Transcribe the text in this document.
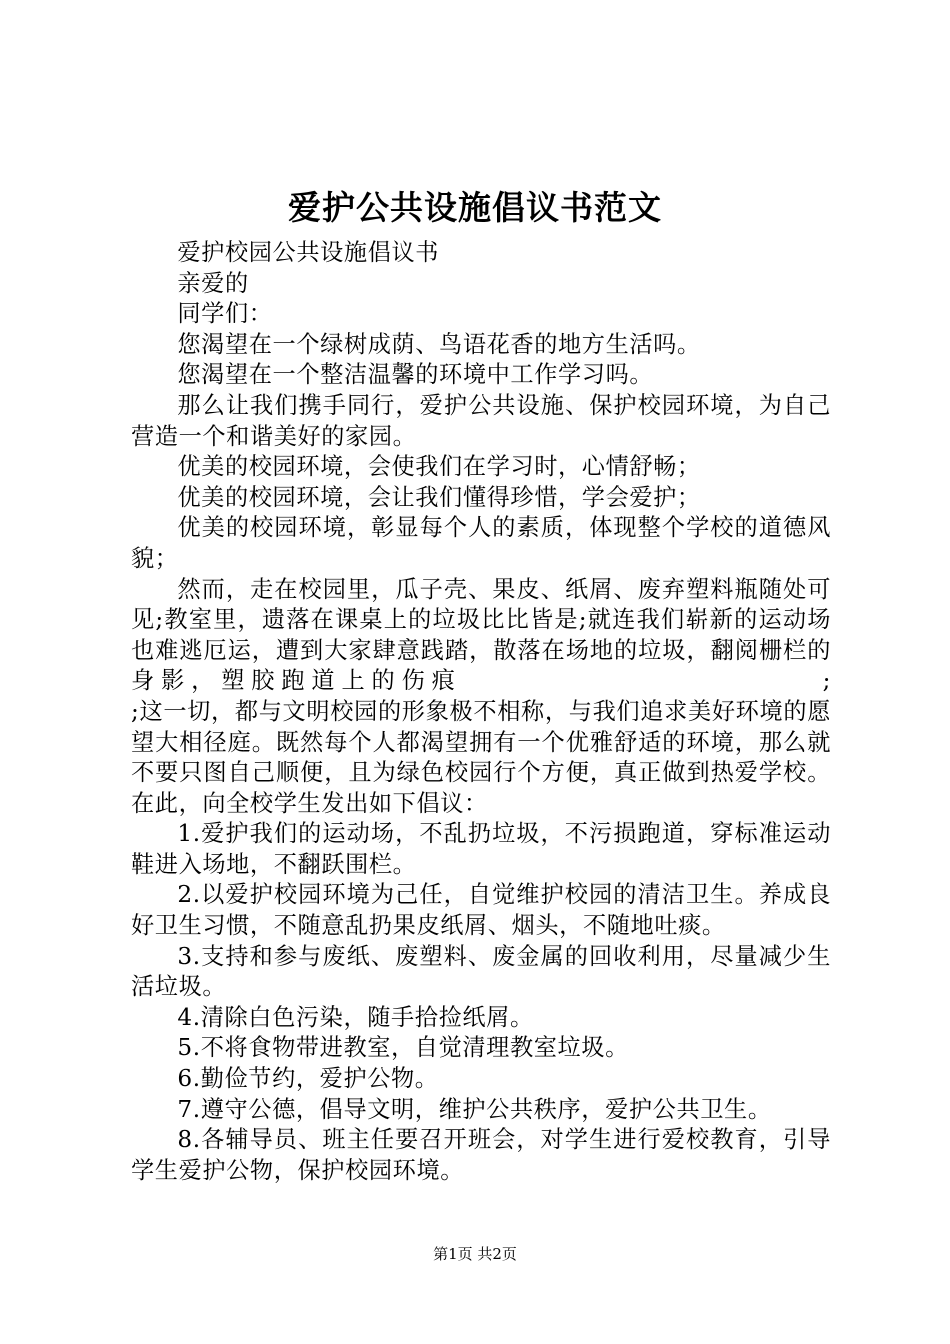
爱护公共设施倡议书范文

爱护校园公共设施倡议书

亲爱的

同学们：

您渴望在一个绿树成荫、鸟语花香的地方生活吗。

您渴望在一个整洁温馨的环境中工作学习吗。

那么让我们携手同行，爱护公共设施、保护校园环境，为自己营造一个和谐美好的家园。

优美的校园环境，会使我们在学习时，心情舒畅；

优美的校园环境，会让我们懂得珍惜，学会爱护；

优美的校园环境，彰显每个人的素质，体现整个学校的道德风貌；

然而，走在校园里，瓜子壳、果皮、纸屑、废弃塑料瓶随处可见;教室里，遗落在课桌上的垃圾比比皆是;就连我们崭新的运动场也难逃厄运，遭到大家肆意践踏，散落在场地的垃圾，翻阅栅栏的身影，塑胶跑道上的伤痕　　　　　　　　　　　　;

;这一切，都与文明校园的形象极不相称，与我们追求美好环境的愿望大相径庭。既然每个人都渴望拥有一个优雅舒适的环境，那么就不要只图自己顺便，且为绿色校园行个方便，真正做到热爱学校。在此，向全校学生发出如下倡议：

1.爱护我们的运动场，不乱扔垃圾，不污损跑道，穿标准运动鞋进入场地，不翻跃围栏。

2.以爱护校园环境为己任，自觉维护校园的清洁卫生。养成良好卫生习惯，不随意乱扔果皮纸屑、烟头，不随地吐痰。

3.支持和参与废纸、废塑料、废金属的回收利用，尽量减少生活垃圾。

4.清除白色污染，随手拾捡纸屑。

5.不将食物带进教室，自觉清理教室垃圾。

6.勤俭节约，爱护公物。

7.遵守公德，倡导文明，维护公共秩序，爱护公共卫生。

8.各辅导员、班主任要召开班会，对学生进行爱校教育，引导学生爱护公物，保护校园环境。

第1页 共2页
